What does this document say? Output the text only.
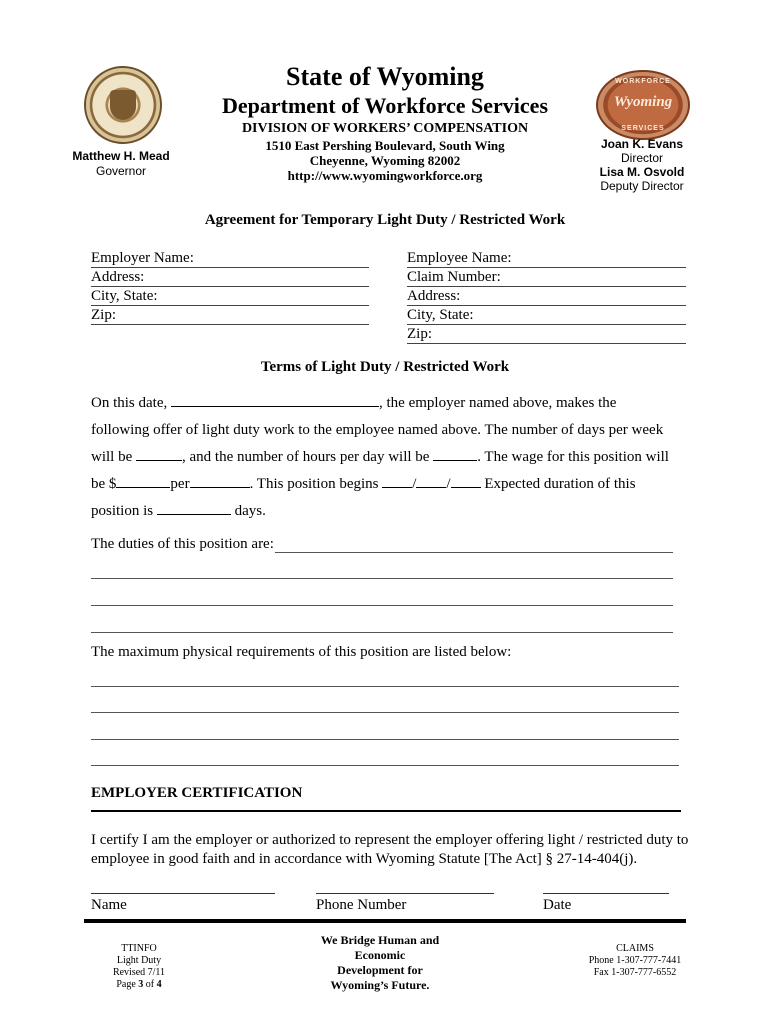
WORKFORCE
Wyoming
SERVICES
State of Wyoming
Department of Workforce Services
DIVISION OF WORKERS’ COMPENSATION
1510 East Pershing Boulevard, South Wing
Cheyenne, Wyoming 82002
http://www.wyomingworkforce.org
Matthew H. Mead
Governor
Joan K. Evans
Director
Lisa M. Osvold
Deputy Director
Agreement for Temporary Light Duty / Restricted Work
Employer Name:
Address:
City, State:
Zip:
Employee Name:
Claim Number:
Address:
City, State:
Zip:
Terms of Light Duty / Restricted Work

On this date,	, the employer named above, makes the

following offer of light duty work to the employee named above. The number of days per week

will be	, and the number of hours per day will be	. The wage for this position will

be $	per	. This position begins / / Expected duration of this

position is	days.

The duties of this position are:
The maximum physical requirements of this position are listed below:
EMPLOYER CERTIFICATION
I certify I am the employer or authorized to represent the employer offering light / restricted duty to employee in good faith and in accordance with Wyoming Statute [The Act] § 27-14-404(j).
Name	Phone Number	Date
TTINFO
Light Duty
Revised 7/11
Page 3 of 4
We Bridge Human and
Economic
Development for
Wyoming’s Future.
CLAIMS
Phone 1-307-777-7441
Fax 1-307-777-6552
